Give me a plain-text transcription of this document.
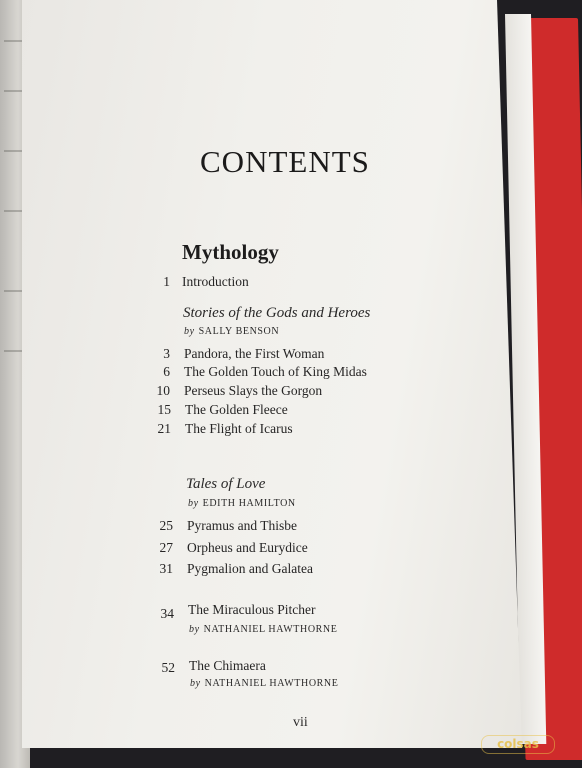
CONTENTS
Mythology
1 Introduction
Stories of the Gods and Heroes
by SALLY BENSON
3 Pandora, the First Woman
6 The Golden Touch of King Midas
10 Perseus Slays the Gorgon
15 The Golden Fleece
21 The Flight of Icarus
Tales of Love
by EDITH HAMILTON
25 Pyramus and Thisbe
27 Orpheus and Eurydice
31 Pygmalion and Galatea
34 The Miraculous Pitcher
by NATHANIEL HAWTHORNE
52 The Chimaera
by NATHANIEL HAWTHORNE
vii
colsas
